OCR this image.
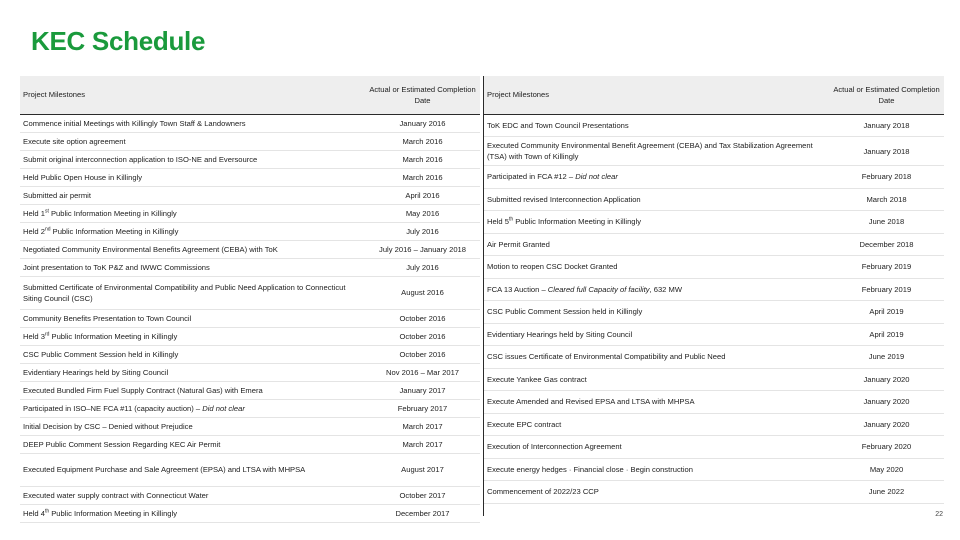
KEC Schedule
Project Milestones	Actual or Estimated Completion Date
Commence initial Meetings with Killingly Town Staff & Landowners	January 2016
Execute site option agreement	March 2016
Submit original interconnection application to ISO-NE and Eversource	March 2016
Held Public Open House in Killingly	March 2016
Submitted air permit	April 2016
Held 1st Public Information Meeting in Killingly	May 2016
Held 2nd Public Information Meeting in Killingly	July 2016
Negotiated Community Environmental Benefits Agreement (CEBA) with ToK	July 2016 – January 2018
Joint presentation to ToK P&Z and IWWC Commissions	July 2016
Submitted Certificate of Environmental Compatibility and Public Need Application to Connecticut Siting Council (CSC)	August 2016
Community Benefits Presentation to Town Council	October 2016
Held 3rd Public Information Meeting in Killingly	October 2016
CSC Public Comment Session held in Killingly	October 2016
Evidentiary Hearings held by Siting Council	Nov 2016 – Mar 2017
Executed Bundled Firm Fuel Supply Contract (Natural Gas) with Emera	January 2017
Participated in ISO–NE FCA #11 (capacity auction) – Did not clear	February 2017
Initial Decision by CSC – Denied without Prejudice	March 2017
DEEP Public Comment Session Regarding KEC Air Permit	March 2017
Executed Equipment Purchase and Sale Agreement (EPSA) and LTSA with MHPSA	August 2017
Executed water supply contract with Connecticut Water	October 2017
Held 4th Public Information Meeting in Killingly	December 2017
Project Milestones	Actual or Estimated Completion Date
ToK EDC and Town Council Presentations	January 2018
Executed Community Environmental Benefit Agreement (CEBA) and Tax Stabilization Agreement (TSA) with Town of Killingly	January 2018
Participated in FCA #12 – Did not clear	February 2018
Submitted revised Interconnection Application	March 2018
Held 5th Public Information Meeting in Killingly	June 2018
Air Permit Granted	December 2018
Motion to reopen CSC Docket Granted	February 2019
FCA 13 Auction – Cleared full Capacity of facility, 632 MW	February 2019
CSC Public Comment Session held in Killingly	April 2019
Evidentiary Hearings held by Siting Council	April 2019
CSC issues Certificate of Environmental Compatibility and Public Need	June 2019
Execute Yankee Gas contract	January 2020
Execute Amended and Revised EPSA and LTSA with MHPSA	January 2020
Execute EPC contract	January 2020
Execution of Interconnection Agreement	February 2020
Execute energy hedges · Financial close · Begin construction	May 2020
Commencement of 2022/23 CCP	June 2022
22
